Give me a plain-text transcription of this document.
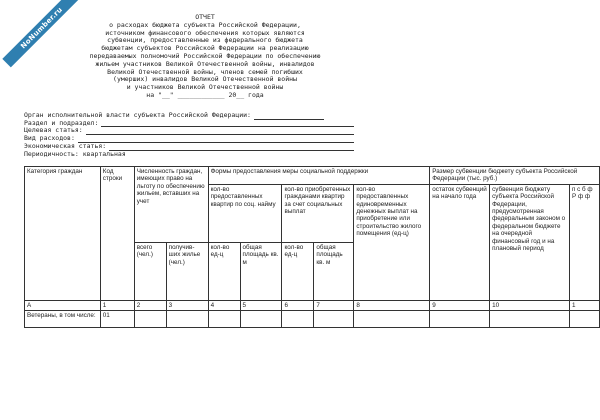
NoNumber.ru	ОТЧЕТ
о расходах бюджета субъекта Российской Федерации,
источником финансового обеспечения которых являются
субвенции, предоставленные из федерального бюджета
бюджетам субъектов Российской Федерации на реализацию
передаваемых полномочий Российской Федерации по обеспечению
жильем участников Великой Отечественной войны, инвалидов
Великой Отечественной войны, членов семей погибших
(умерших) инвалидов Великой Отечественной войны
и участников Великой Отечественной войны
на "__" ____________ 20__ года
Орган исполнительной власти субъекта Российской Федерации:
Раздел и подраздел:
Целевая статья:
Вид расходов:
Экономическая статья:
Периодичность: квартальная
Категория граждан	Код строки	Численность граждан, имеющих право на льготу по обеспечению жильем, вставших на учет		Формы предоставления меры социальной поддержки					Размер субвенции бюджету субъекта Российской Федерации (тыс. руб.)		
				кол-во предоставленных квартир по соц. найму		кол-во приобретенных гражданами квартир за счет социальных выплат		кол-во предоставленных единовременных денежных выплат на приобретение или строительство жилого помещения (ед-ц)	остаток субвенций на начало года	субвенция бюджету субъекта Российской Федерации, предусмотренная федеральным законом о федеральном бюджете на очередной финансовый год и на плановый период	п с б ф Р ф ф
		всего (чел.)	получив-шиx жилье (чел.)	кол-во ед-ц	общая площадь кв. м	кол-во ед-ц	общая площадь кв. м				
А	1	2	3	4	5	6	7	8	9	10	1
Ветераны, в том числе:	01										
